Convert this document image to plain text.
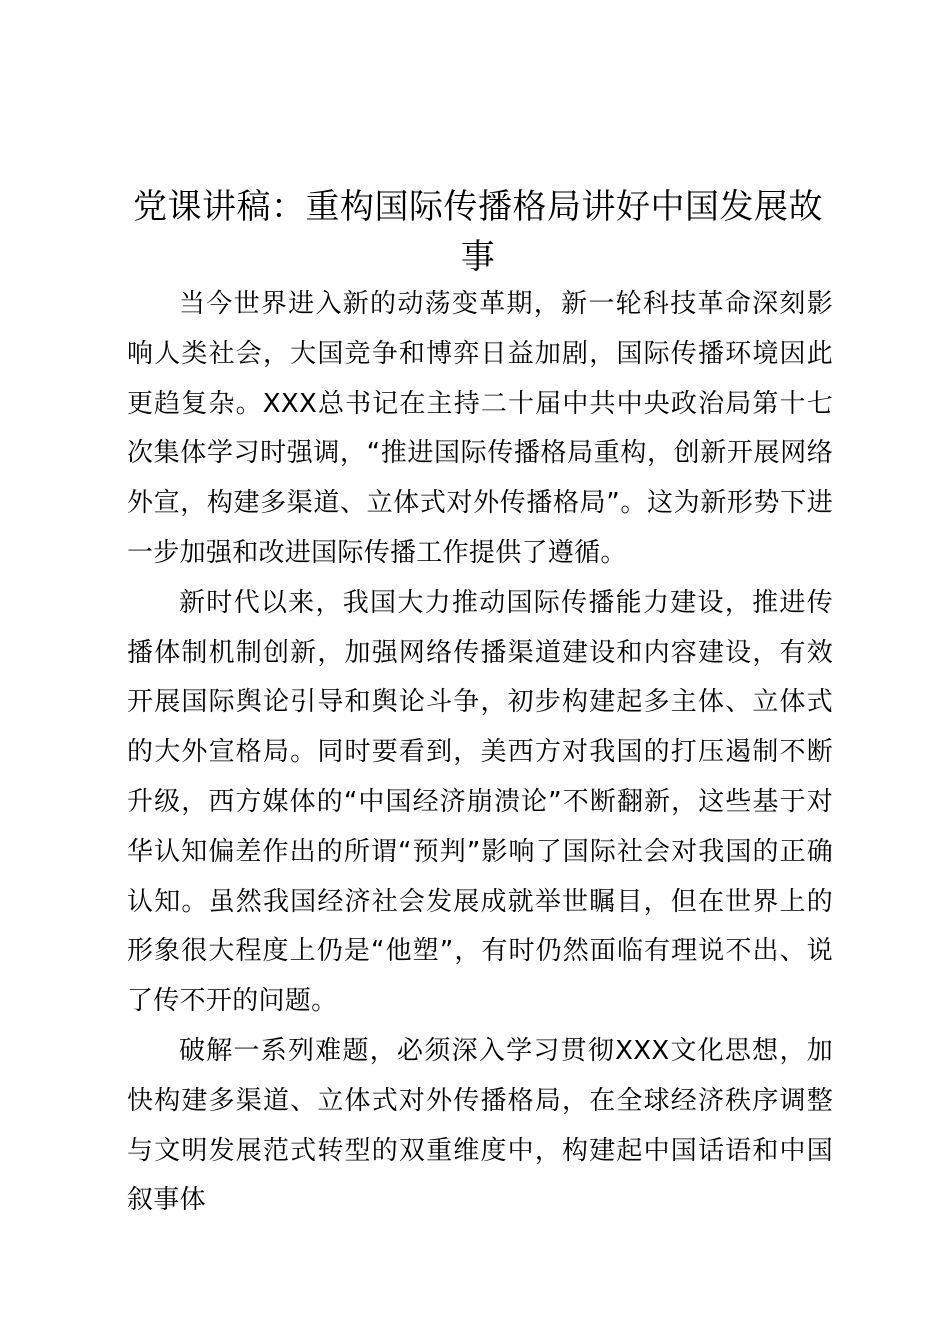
党课讲稿：重构国际传播格局讲好中国发展故事

当今世界进入新的动荡变革期，新一轮科技革命深刻影响人类社会，大国竞争和博弈日益加剧，国际传播环境因此更趋复杂。XXX总书记在主持二十届中共中央政治局第十七次集体学习时强调，“推进国际传播格局重构，创新开展网络外宣，构建多渠道、立体式对外传播格局”。这为新形势下进一步加强和改进国际传播工作提供了遵循。

新时代以来，我国大力推动国际传播能力建设，推进传播体制机制创新，加强网络传播渠道建设和内容建设，有效开展国际舆论引导和舆论斗争，初步构建起多主体、立体式的大外宣格局。同时要看到，美西方对我国的打压遏制不断升级，西方媒体的“中国经济崩溃论”不断翻新，这些基于对华认知偏差作出的所谓“预判”影响了国际社会对我国的正确认知。虽然我国经济社会发展成就举世瞩目，但在世界上的形象很大程度上仍是“他塑”，有时仍然面临有理说不出、说了传不开的问题。

破解一系列难题，必须深入学习贯彻XXX文化思想，加快构建多渠道、立体式对外传播格局，在全球经济秩序调整与文明发展范式转型的双重维度中，构建起中国话语和中国叙事体
